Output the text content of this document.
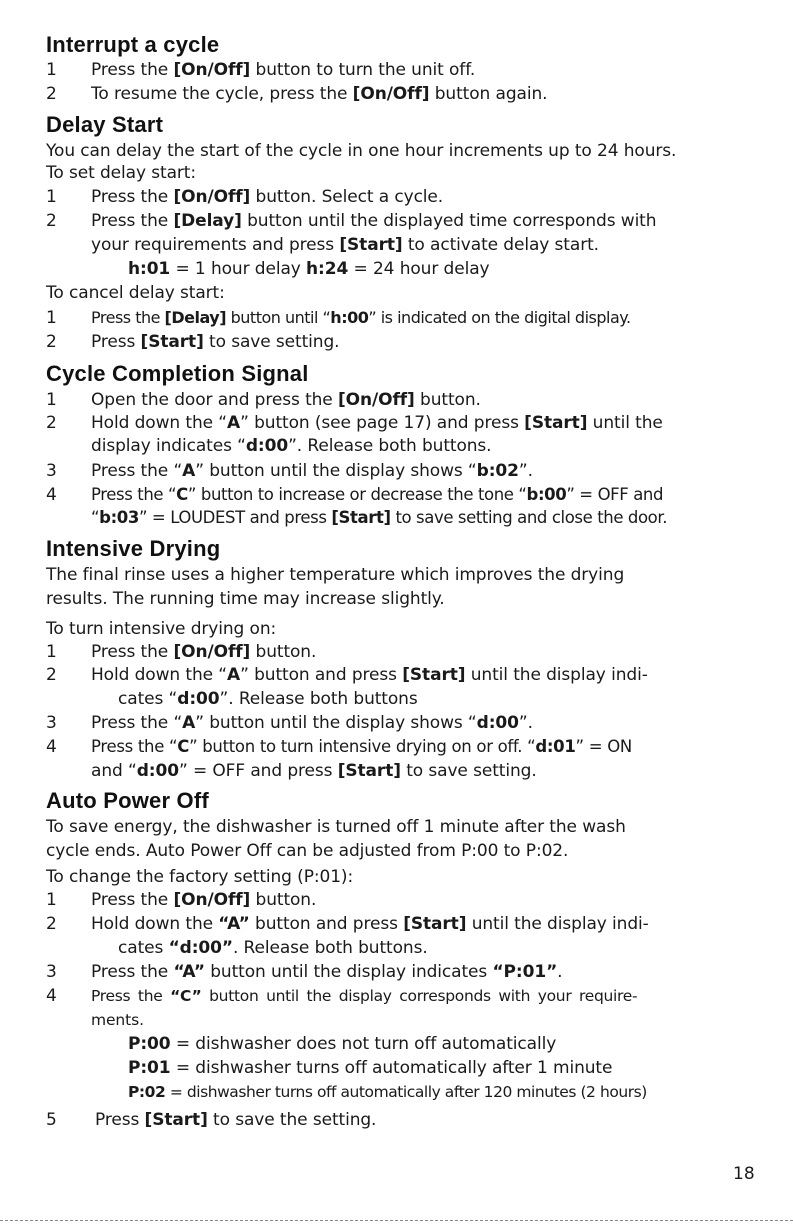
Interrupt a cycle
1 Press the [On/Off] button to turn the unit off.
2 To resume the cycle, press the [On/Off] button again.
Delay Start
You can delay the start of the cycle in one hour increments up to 24 hours.
To set delay start:
1 Press the [On/Off] button. Select a cycle.
2 Press the [Delay] button until the displayed time corresponds with
your requirements and press [Start] to activate delay start.
h:01 = 1 hour delay h:24 = 24 hour delay
To cancel delay start:
1 Press the [Delay] button until “h:00” is indicated on the digital display.
2 Press [Start] to save setting.
Cycle Completion Signal
1 Open the door and press the [On/Off] button.
2 Hold down the “A” button (see page 17) and press [Start] until the
display indicates “d:00”. Release both buttons.
3 Press the “A” button until the display shows “b:02”.
4 Press the “C” button to increase or decrease the tone “b:00” = OFF and
“b:03” = LOUDEST and press [Start] to save setting and close the door.
Intensive Drying
The final rinse uses a higher temperature which improves the drying
results. The running time may increase slightly.
To turn intensive drying on:
1 Press the [On/Off] button.
2 Hold down the “A” button and press [Start] until the display indi-
cates “d:00”. Release both buttons
3 Press the “A” button until the display shows “d:00”.
4 Press the “C” button to turn intensive drying on or off. “d:01” = ON
and “d:00” = OFF and press [Start] to save setting.
Auto Power Off
To save energy, the dishwasher is turned off 1 minute after the wash
cycle ends. Auto Power Off can be adjusted from P:00 to P:02.
To change the factory setting (P:01):
1 Press the [On/Off] button.
2 Hold down the “A” button and press [Start] until the display indi-
cates “d:00”. Release both buttons.
3 Press the “A” button until the display indicates “P:01”.
4 Press the “C” button until the display corresponds with your require-
ments.
P:00 = dishwasher does not turn off automatically
P:01 = dishwasher turns off automatically after 1 minute
P:02 = dishwasher turns off automatically after 120 minutes (2 hours)
5 Press [Start] to save the setting.
18
